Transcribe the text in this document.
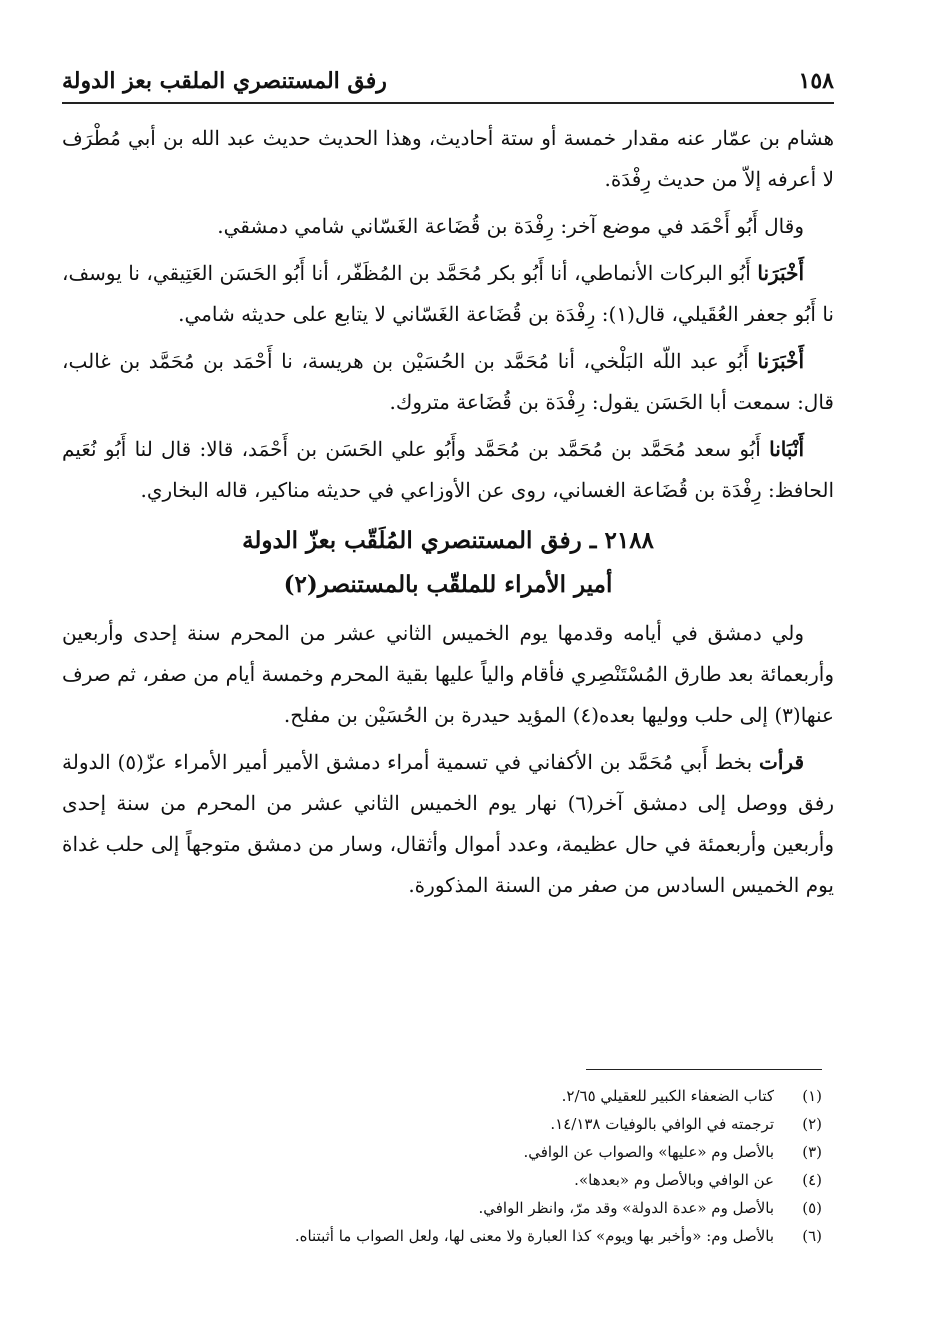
رفق المستنصري الملقب بعز الدولة	١٥٨

هشام بن عمّار عنه مقدار خمسة أو ستة أحاديث، وهذا الحديث حديث عبد الله بن أبي مُطْرَف لا أعرفه إلاّ من حديث رِفْدَة.

وقال أَبُو أَحْمَد في موضع آخر: رِفْدَة بن قُضَاعة الغَسّاني شامي دمشقي.

أَخْبَرَنا أَبُو البركات الأنماطي، أنا أَبُو بكر مُحَمَّد بن المُظَفّر، أنا أَبُو الحَسَن العَتِيقي، نا يوسف، نا أَبُو جعفر العُقَيلي، قال(١): رِفْدَة بن قُضَاعة الغَسّاني لا يتابع على حديثه شامي.

أَخْبَرَنا أَبُو عبد اللّه البَلْخي، أنا مُحَمَّد بن الحُسَيْن بن هريسة، نا أَحْمَد بن مُحَمَّد بن غالب، قال: سمعت أبا الحَسَن يقول: رِفْدَة بن قُضَاعة متروك.

أَنْبَانا أَبُو سعد مُحَمَّد بن مُحَمَّد بن مُحَمَّد وأَبُو علي الحَسَن بن أَحْمَد، قالا: قال لنا أَبُو نُعَيم الحافظ: رِفْدَة بن قُضَاعة الغساني، روى عن الأوزاعي في حديثه مناكير، قاله البخاري.

٢١٨٨ ـ رفق المستنصري المُلَقّب بعزّ الدولة
أمير الأمراء للملقّب بالمستنصر(٢)

ولي دمشق في أيامه وقدمها يوم الخميس الثاني عشر من المحرم سنة إحدى وأربعين وأربعمائة بعد طارق المُسْتَنْصِري فأقام والياً عليها بقية المحرم وخمسة أيام من صفر، ثم صرف عنها(٣) إلى حلب ووليها بعده(٤) المؤيد حيدرة بن الحُسَيْن بن مفلح.

قرأت بخط أَبي مُحَمَّد بن الأكفاني في تسمية أمراء دمشق الأمير أمير الأمراء عزّ(٥) الدولة رفق ووصل إلى دمشق آخر(٦) نهار يوم الخميس الثاني عشر من المحرم من سنة إحدى وأربعين وأربعمئة في حال عظيمة، وعدد أموال وأثقال، وسار من دمشق متوجهاً إلى حلب غداة يوم الخميس السادس من صفر من السنة المذكورة.

(١)
كتاب الضعفاء الكبير للعقيلي ٢/٦٥.
(٢)
ترجمته في الوافي بالوفيات ١٤/١٣٨.
(٣)
بالأصل وم «عليها» والصواب عن الوافي.
(٤)
عن الوافي وبالأصل وم «بعدها».
(٥)
بالأصل وم «عدة الدولة» وقد مرّ، وانظر الوافي.
(٦)
بالأصل وم: «وأخبر بها ويوم» كذا العبارة ولا معنى لها، ولعل الصواب ما أثبتناه.
